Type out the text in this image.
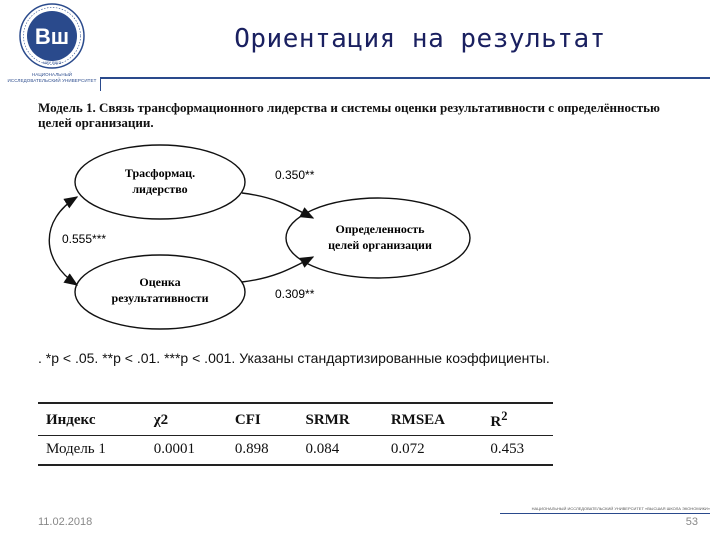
Вш
НИУ ВШЭ
НАЦИОНАЛЬНЫЙ ИССЛЕДОВАТЕЛЬСКИЙ УНИВЕРСИТЕТ
Ориентация на результат
Модель 1. Связь трансформационного лидерства и системы оценки результативности с определённостью целей организации.
Трасформац.
лидерство
Оценка
результативности
Определенность
целей организации
0.350**
0.309**
0.555***
. *p < .05. **p < .01. ***p < .001. Указаны стандартизированные коэффициенты.
Индекс	χ2	CFI	SRMR	RMSEA	$R^2$
Модель 1	0.0001	0.898	0.084	0.072	0.453
НАЦИОНАЛЬНЫЙ ИССЛЕДОВАТЕЛЬСКИЙ УНИВЕРСИТЕТ «ВЫСШАЯ ШКОЛА ЭКОНОМИКИ»
11.02.2018	53
